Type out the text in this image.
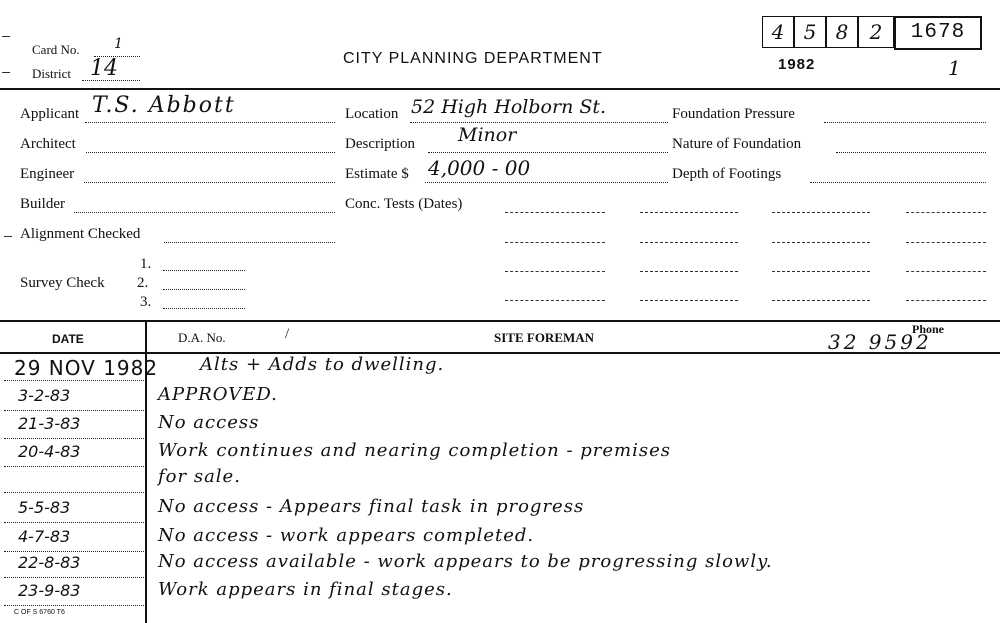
Card No. 1
District 14	CITY PLANNING DEPARTMENT
4 5 8	2	1678
1982	1
Applicant T.S. Abbott
Architect
Engineer
Builder
Alignment Checked
Survey Check
1.
2.
3.
Location 52 High Holborn St.
Description Minor
Estimate $ 4,000 - 00
Conc. Tests (Dates)
Foundation Pressure
Nature of Foundation
Depth of Footings
DATE	D.A. No.	/	SITE FOREMAN
Phone
32 9592
29 NOV 1982 Alts + Adds to dwelling.
3-2-83	APPROVED.
21-3-83	No access
20-4-83	Work continues and nearing completion - premises
for sale.
5-5-83	No access - Appears final task in progress
4-7-83	No access - work appears completed.
22-8-83	No access available - work appears to be progressing slowly.
23-9-83	Work appears in final stages.
C OF S 6760 T6
